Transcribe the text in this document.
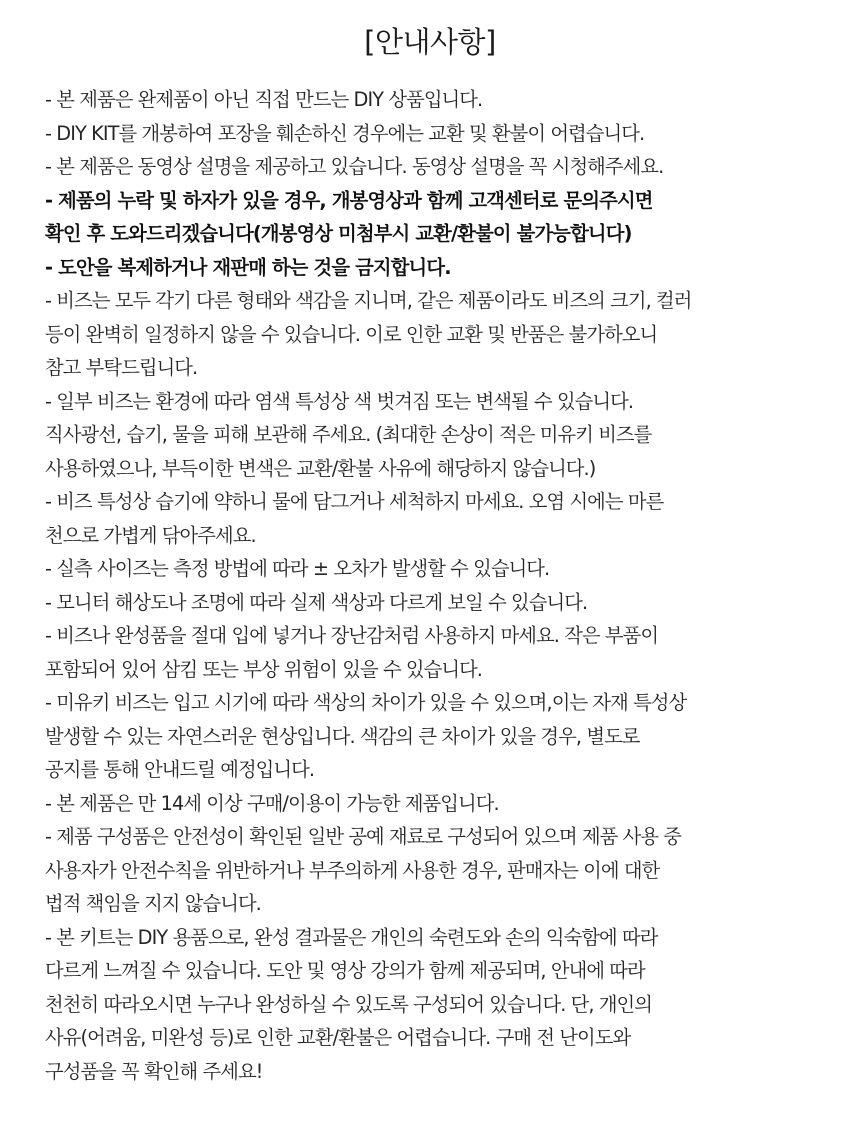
[안내사항]
- 본 제품은 완제품이 아닌 직접 만드는 DIY 상품입니다.
- DIY KIT를 개봉하여 포장을 훼손하신 경우에는 교환 및 환불이 어렵습니다.
- 본 제품은 동영상 설명을 제공하고 있습니다. 동영상 설명을 꼭 시청해주세요.
- 제품의 누락 및 하자가 있을 경우, 개봉영상과 함께 고객센터로 문의주시면
확인 후 도와드리겠습니다(개봉영상 미첨부시 교환/환불이 불가능합니다)
- 도안을 복제하거나 재판매 하는 것을 금지합니다.
- 비즈는 모두 각기 다른 형태와 색감을 지니며, 같은 제품이라도 비즈의 크기, 컬러
등이 완벽히 일정하지 않을 수 있습니다. 이로 인한 교환 및 반품은 불가하오니
참고 부탁드립니다.
- 일부 비즈는 환경에 따라 염색 특성상 색 벗겨짐 또는 변색될 수 있습니다.
직사광선, 습기, 물을 피해 보관해 주세요. (최대한 손상이 적은 미유키 비즈를
사용하였으나, 부득이한 변색은 교환/환불 사유에 해당하지 않습니다.)
- 비즈 특성상 습기에 약하니 물에 담그거나 세척하지 마세요. 오염 시에는 마른
천으로 가볍게 닦아주세요.
- 실측 사이즈는 측정 방법에 따라 ± 오차가 발생할 수 있습니다.
- 모니터 해상도나 조명에 따라 실제 색상과 다르게 보일 수 있습니다.
- 비즈나 완성품을 절대 입에 넣거나 장난감처럼 사용하지 마세요. 작은 부품이
포함되어 있어 삼킴 또는 부상 위험이 있을 수 있습니다.
- 미유키 비즈는 입고 시기에 따라 색상의 차이가 있을 수 있으며,이는 자재 특성상
발생할 수 있는 자연스러운 현상입니다. 색감의 큰 차이가 있을 경우, 별도로
공지를 통해 안내드릴 예정입니다.
- 본 제품은 만 14세 이상 구매/이용이 가능한 제품입니다.
- 제품 구성품은 안전성이 확인된 일반 공예 재료로 구성되어 있으며 제품 사용 중
사용자가 안전수칙을 위반하거나 부주의하게 사용한 경우, 판매자는 이에 대한
법적 책임을 지지 않습니다.
- 본 키트는 DIY 용품으로, 완성 결과물은 개인의 숙련도와 손의 익숙함에 따라
다르게 느껴질 수 있습니다. 도안 및 영상 강의가 함께 제공되며, 안내에 따라
천천히 따라오시면 누구나 완성하실 수 있도록 구성되어 있습니다. 단, 개인의
사유(어려움, 미완성 등)로 인한 교환/환불은 어렵습니다. 구매 전 난이도와
구성품을 꼭 확인해 주세요!
